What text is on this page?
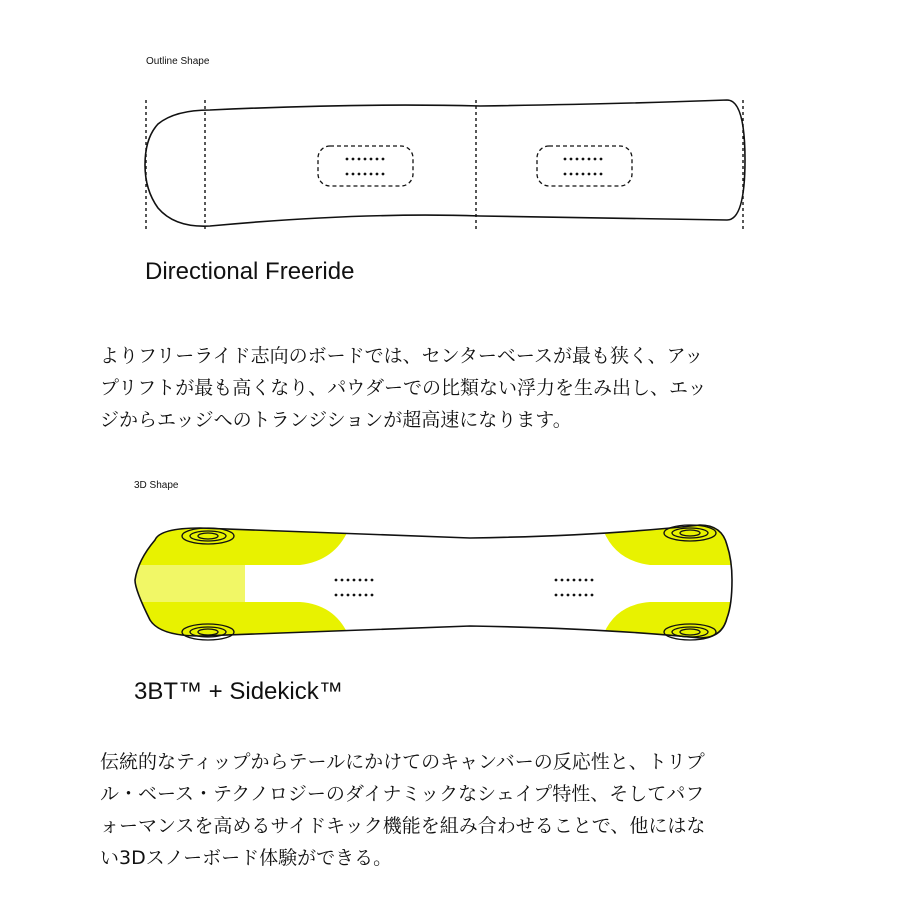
Outline Shape
Directional Freeride
よりフリーライド志向のボードでは、センターベースが最も狭く、アッ
プリフトが最も高くなり、パウダーでの比類ない浮力を生み出し、エッ
ジからエッジへのトランジションが超高速になります。
3D Shape
3BT™ + Sidekick™
伝統的なティップからテールにかけてのキャンバーの反応性と、トリプ
ル・ベース・テクノロジーのダイナミックなシェイプ特性、そしてパフ
ォーマンスを高めるサイドキック機能を組み合わせることで、他にはな
い3Dスノーボード体験ができる。
